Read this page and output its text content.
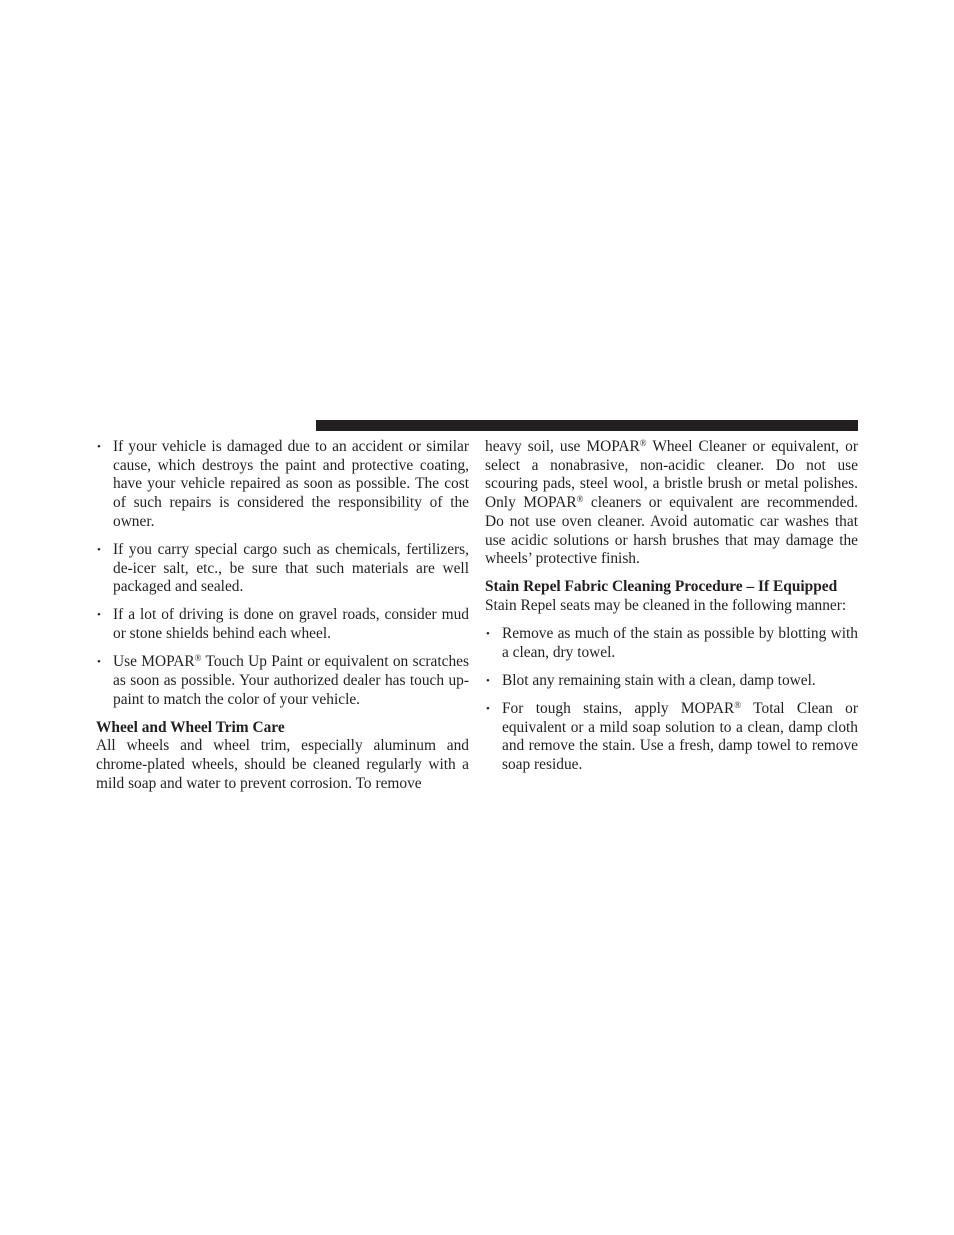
• If your vehicle is damaged due to an accident or similar cause, which destroys the paint and protective coating, have your vehicle repaired as soon as possible. The cost of such repairs is considered the responsibility of the owner.
• If you carry special cargo such as chemicals, fertilizers, de-icer salt, etc., be sure that such materials are well packaged and sealed.
• If a lot of driving is done on gravel roads, consider mud or stone shields behind each wheel.
• Use MOPAR® Touch Up Paint or equivalent on scratches as soon as possible. Your authorized dealer has touch up-paint to match the color of your vehicle.

Wheel and Wheel Trim Care

All wheels and wheel trim, especially aluminum and chrome-plated wheels, should be cleaned regularly with a mild soap and water to prevent corrosion. To remove

heavy soil, use MOPAR® Wheel Cleaner or equivalent, or select a nonabrasive, non-acidic cleaner. Do not use scouring pads, steel wool, a bristle brush or metal polishes. Only MOPAR® cleaners or equivalent are recommended. Do not use oven cleaner. Avoid automatic car washes that use acidic solutions or harsh brushes that may damage the wheels’ protective finish.

Stain Repel Fabric Cleaning Procedure – If Equipped

Stain Repel seats may be cleaned in the following manner:

• Remove as much of the stain as possible by blotting with a clean, dry towel.
• Blot any remaining stain with a clean, damp towel.
• For tough stains, apply MOPAR® Total Clean or equivalent or a mild soap solution to a clean, damp cloth and remove the stain. Use a fresh, damp towel to remove soap residue.
